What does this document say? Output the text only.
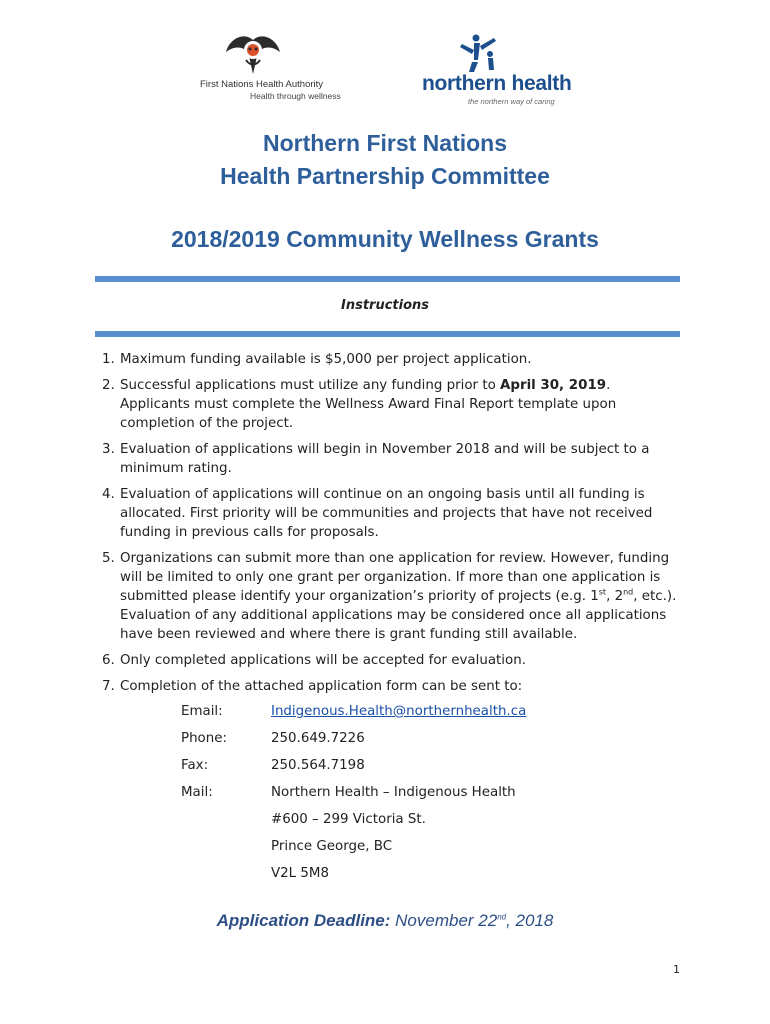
First Nations Health Authority
Health through wellness
northern health
the northern way of caring
Northern First Nations
Health Partnership Committee
2018/2019 Community Wellness Grants
Instructions
1. Maximum funding available is $5,000 per project application.
2. Successful applications must utilize any funding prior to April 30, 2019. Applicants must complete the Wellness Award Final Report template upon completion of the project.
3. Evaluation of applications will begin in November 2018 and will be subject to a minimum rating.
4. Evaluation of applications will continue on an ongoing basis until all funding is allocated. First priority will be communities and projects that have not received funding in previous calls for proposals.
5. Organizations can submit more than one application for review. However, funding will be limited to only one grant per organization. If more than one application is submitted please identify your organization’s priority of projects (e.g. 1st, 2nd, etc.). Evaluation of any additional applications may be considered once all applications have been reviewed and where there is grant funding still available.
6. Only completed applications will be accepted for evaluation.
7. Completion of the attached application form can be sent to:
Email:	Indigenous.Health@northernhealth.ca
Phone:	250.649.7226
Fax:	250.564.7198
Mail:	Northern Health – Indigenous Health
#600 – 299 Victoria St.
Prince George, BC
V2L 5M8
Application Deadline: November 22nd, 2018
1
